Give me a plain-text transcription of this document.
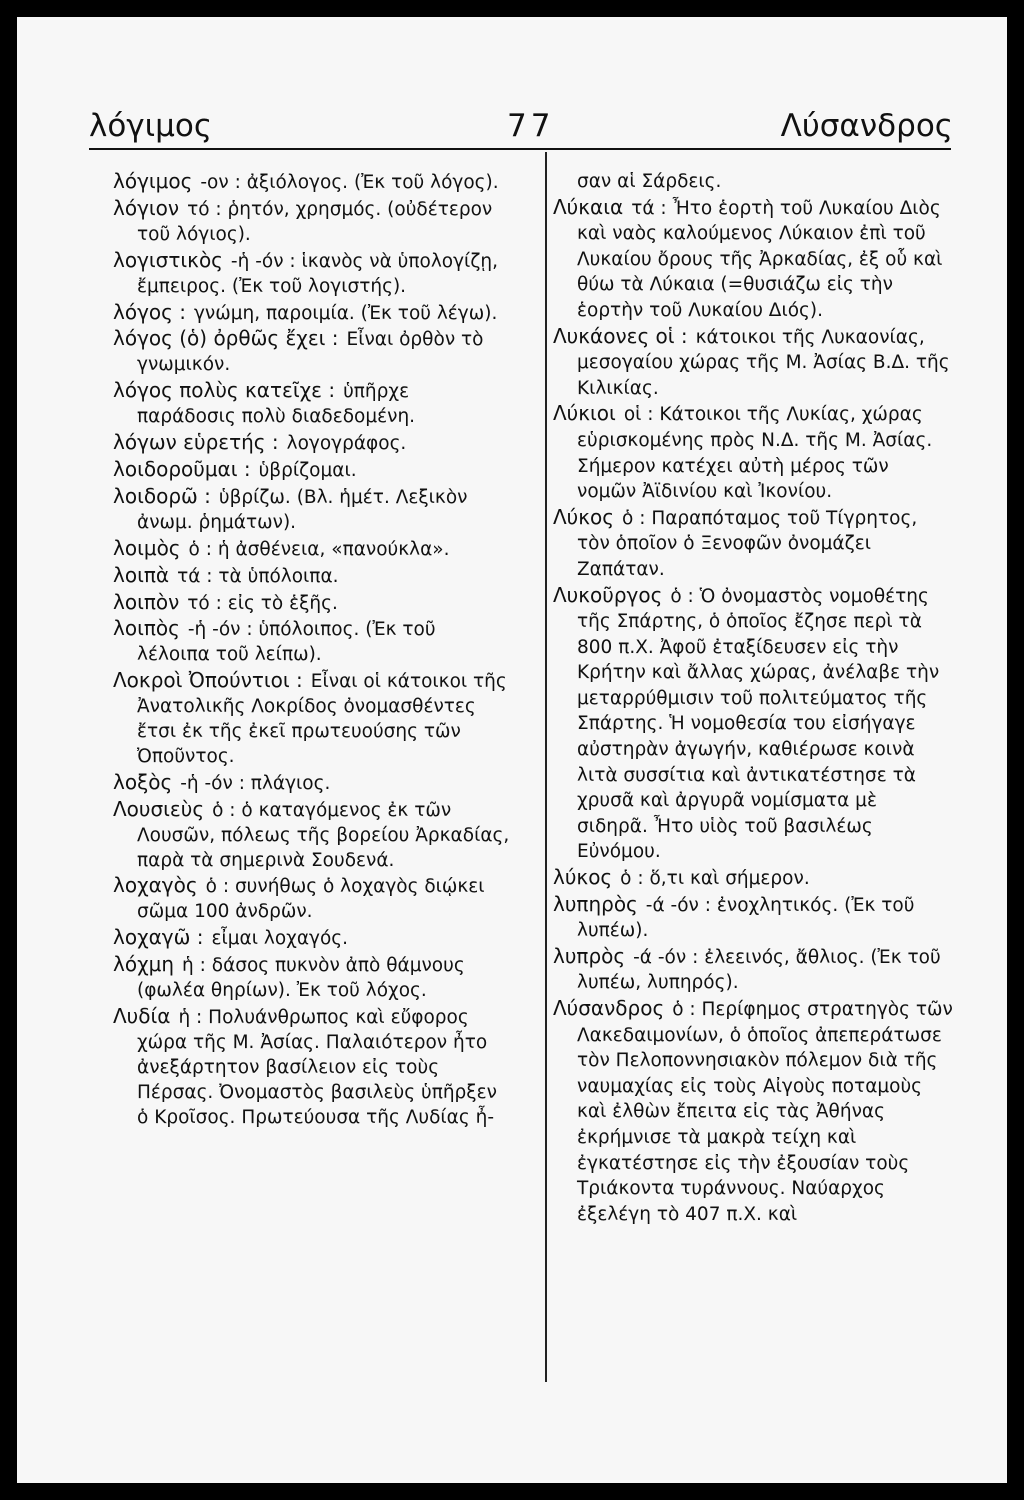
λόγιμος	77	Λύσανδρος

λόγιμος -ον : ἀξιόλογος. (Ἐκ τοῦ λόγος).

λόγιον τό : ῥητόν, χρησμός. (οὐδέτερον τοῦ λόγιος).

λογιστικὸς -ἡ -όν : ἱκανὸς νὰ ὑπολογίζῃ, ἔμπειρος. (Ἐκ τοῦ λογιστής).

λόγος : γνώμη, παροιμία. (Ἐκ τοῦ λέγω).

λόγος (ὁ) ὀρθῶς ἔχει : Εἶναι ὀρθὸν τὸ γνωμικόν.

λόγος πολὺς κατεῖχε : ὑπῆρχε παράδοσις πολὺ διαδεδομένη.

λόγων εὑρετής : λογογράφος.

λοιδοροῦμαι : ὑβρίζομαι.

λοιδορῶ : ὑβρίζω. (Βλ. ἡμέτ. Λεξικὸν ἀνωμ. ῥημάτων).

λοιμὸς ὁ : ἡ ἀσθένεια, «πανούκλα».

λοιπὰ τά : τὰ ὑπόλοιπα.

λοιπὸν τό : εἰς τὸ ἑξῆς.

λοιπὸς -ἡ -όν : ὑπόλοιπος. (Ἐκ τοῦ λέλοιπα τοῦ λείπω).

Λοκροὶ Ὀπούντιοι : Εἶναι οἱ κάτοικοι τῆς Ἀνατολικῆς Λοκρίδος ὀνομασθέντες ἔτσι ἐκ τῆς ἐκεῖ πρωτευούσης τῶν Ὀποῦντος.

λοξὸς -ἡ -όν : πλάγιος.

Λουσιεὺς ὁ : ὁ καταγόμενος ἐκ τῶν Λουσῶν, πόλεως τῆς βορείου Ἀρκαδίας, παρὰ τὰ σημερινὰ Σουδενά.

λοχαγὸς ὁ : συνήθως ὁ λοχαγὸς διῴκει σῶμα 100 ἀνδρῶν.

λοχαγῶ : εἶμαι λοχαγός.

λόχμη ἡ : δάσος πυκνὸν ἀπὸ θάμνους (φωλέα θηρίων). Ἐκ τοῦ λόχος.

Λυδία ἡ : Πολυάνθρωπος καὶ εὔφορος χώρα τῆς Μ. Ἀσίας. Παλαιότερον ἦτο ἀνεξάρτητον βασίλειον εἰς τοὺς Πέρσας. Ὀνομαστὸς βασιλεὺς ὑπῆρξεν ὁ Κροῖσος. Πρωτεύουσα τῆς Λυδίας ἦ-

σαν αἱ Σάρδεις.

Λύκαια τά : Ἦτο ἑορτὴ τοῦ Λυκαίου Διὸς καὶ ναὸς καλούμενος Λύκαιον ἐπὶ τοῦ Λυκαίου ὄρους τῆς Ἀρκαδίας, ἐξ οὗ καὶ θύω τὰ Λύκαια (=θυσιάζω εἰς τὴν ἑορτὴν τοῦ Λυκαίου Διός).

Λυκάονες οἱ : κάτοικοι τῆς Λυκαονίας, μεσογαίου χώρας τῆς Μ. Ἀσίας Β.Δ. τῆς Κιλικίας.

Λύκιοι οἱ : Κάτοικοι τῆς Λυκίας, χώρας εὑρισκομένης πρὸς Ν.Δ. τῆς Μ. Ἀσίας. Σήμερον κατέχει αὐτὴ μέρος τῶν νομῶν Ἀϊδινίου καὶ Ἰκονίου.

Λύκος ὁ : Παραπόταμος τοῦ Τίγρητος, τὸν ὁποῖον ὁ Ξενοφῶν ὀνομάζει Ζαπάταν.

Λυκοῦργος ὁ : Ὁ ὀνομαστὸς νομοθέτης τῆς Σπάρτης, ὁ ὁποῖος ἔζησε περὶ τὰ 800 π.Χ. Ἀφοῦ ἐταξίδευσεν εἰς τὴν Κρήτην καὶ ἄλλας χώρας, ἀνέλαβε τὴν μεταρρύθμισιν τοῦ πολιτεύματος τῆς Σπάρτης. Ἡ νομοθεσία του εἰσήγαγε αὐστηρὰν ἀγωγήν, καθιέρωσε κοινὰ λιτὰ συσσίτια καὶ ἀντικατέστησε τὰ χρυσᾶ καὶ ἀργυρᾶ νομίσματα μὲ σιδηρᾶ. Ἦτο υἱὸς τοῦ βασιλέως Εὐνόμου.

λύκος ὁ : ὅ,τι καὶ σήμερον.

λυπηρὸς -ά -όν : ἐνοχλητικός. (Ἐκ τοῦ λυπέω).

λυπρὸς -ά -όν : ἐλεεινός, ἄθλιος. (Ἐκ τοῦ λυπέω, λυπηρός).

Λύσανδρος ὁ : Περίφημος στρατηγὸς τῶν Λακεδαιμονίων, ὁ ὁποῖος ἀπεπεράτωσε τὸν Πελοποννησιακὸν πόλεμον διὰ τῆς ναυμαχίας εἰς τοὺς Αἰγοὺς ποταμοὺς καὶ ἐλθὼν ἔπειτα εἰς τὰς Ἀθήνας ἐκρήμνισε τὰ μακρὰ τείχη καὶ ἐγκατέστησε εἰς τὴν ἐξουσίαν τοὺς Τριάκοντα τυράννους. Ναύαρχος ἐξελέγη τὸ 407 π.Χ. καὶ
